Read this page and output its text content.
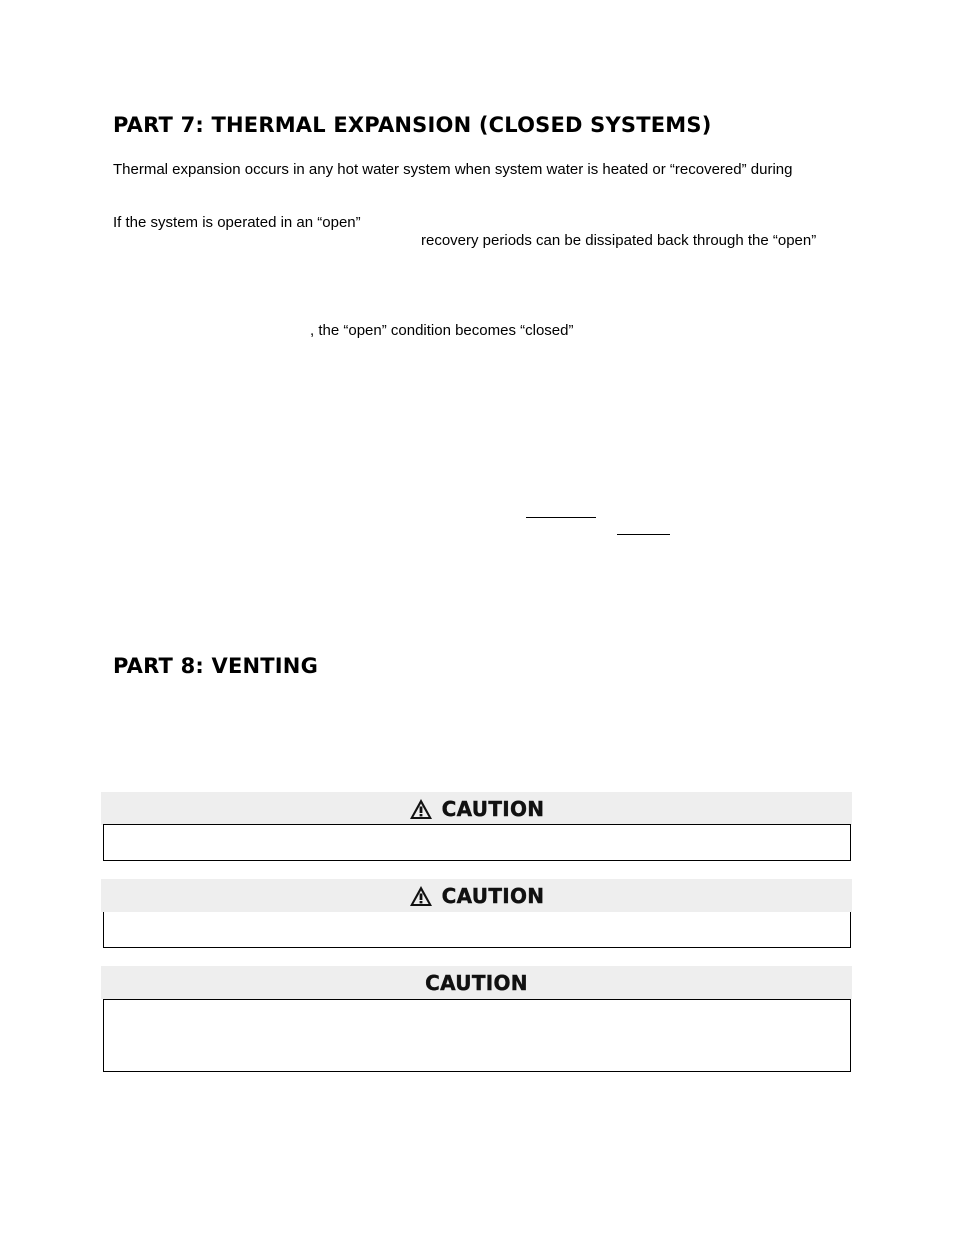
PART 7: THERMAL EXPANSION (CLOSED SYSTEMS)
Thermal expansion occurs in any hot water system when system water is heated or “recovered” during
If the system is operated in an “open”
recovery periods can be dissipated back through the “open”
, the “open” condition becomes “closed”
PART 8: VENTING
CAUTION
CAUTION
CAUTION
